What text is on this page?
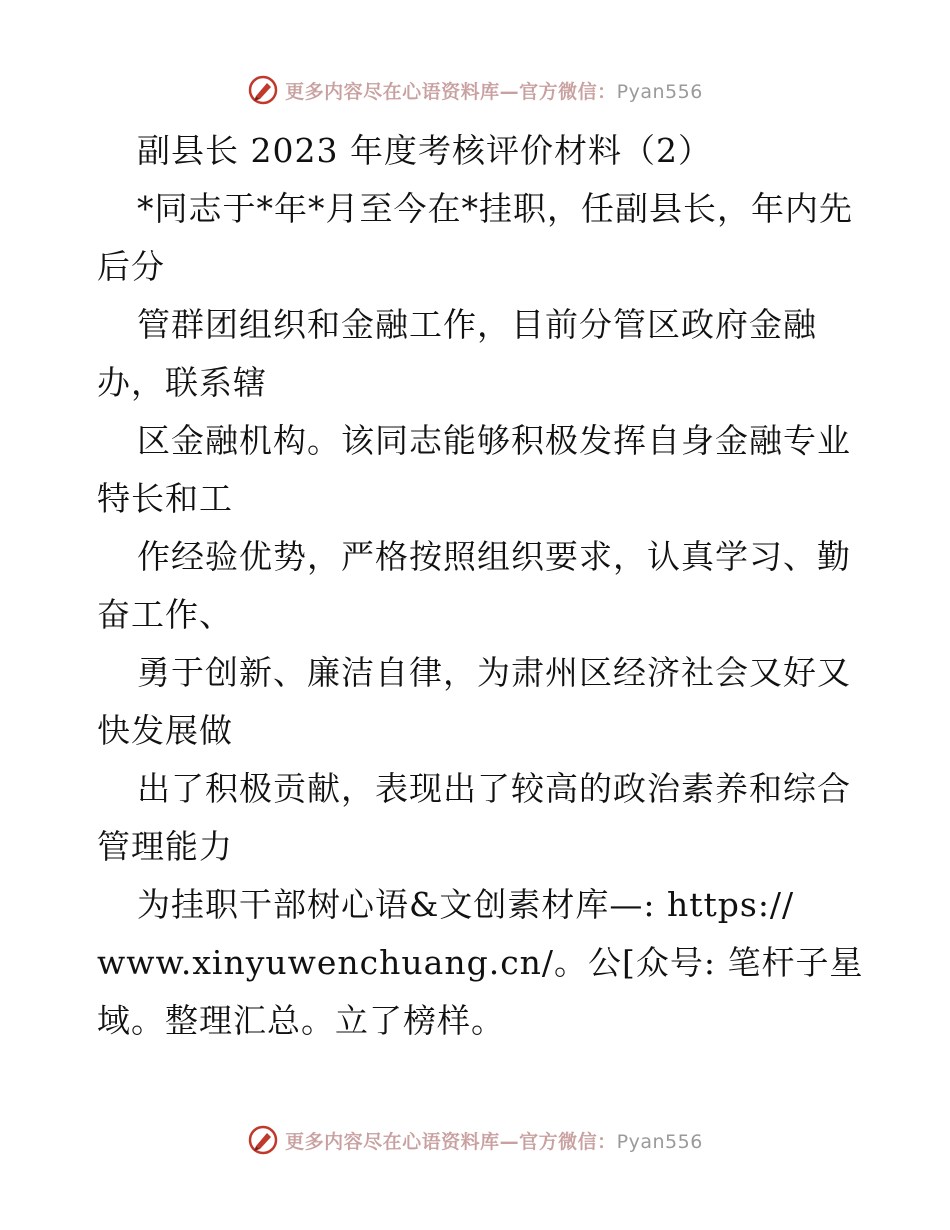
更多内容尽在心语资料库—官方微信：Pyan556
副县长 2023 年度考核评价材料（2）
*同志于*年*月至今在*挂职，任副县长，年内先
后分
管群团组织和金融工作，目前分管区政府金融
办，联系辖
区金融机构。该同志能够积极发挥自身金融专业
特长和工
作经验优势，严格按照组织要求，认真学习、勤
奋工作、
勇于创新、廉洁自律，为肃州区经济社会又好又
快发展做
出了积极贡献，表现出了较高的政治素养和综合
管理能力
为挂职干部树心语&文创素材库—: https://
www.xinyuwenchuang.cn/。公[众号: 笔杆子星
域。整理汇总。立了榜样。
更多内容尽在心语资料库—官方微信：Pyan556
